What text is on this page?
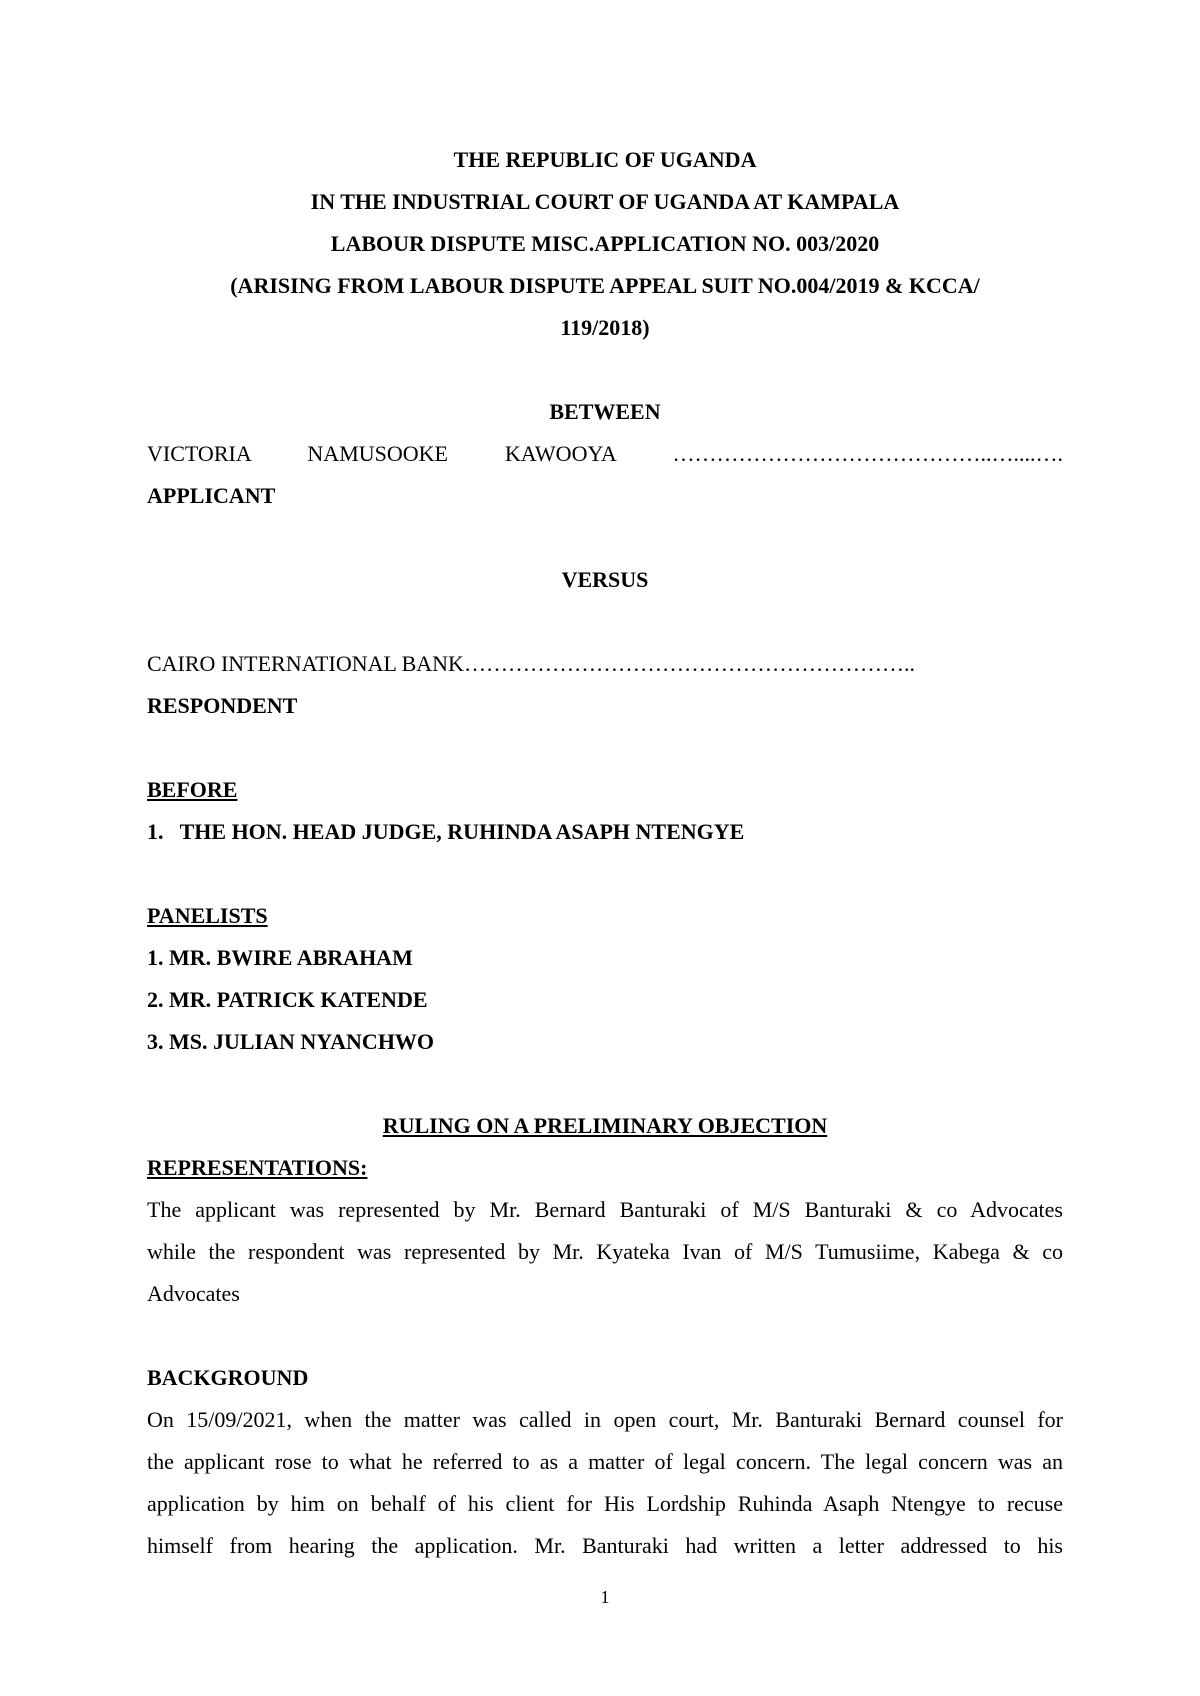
THE REPUBLIC OF UGANDA
IN THE INDUSTRIAL COURT OF UGANDA AT KAMPALA
LABOUR DISPUTE MISC.APPLICATION NO. 003/2020
(ARISING FROM LABOUR DISPUTE APPEAL SUIT NO.004/2019 & KCCA/
119/2018)
BETWEEN
VICTORIA	NAMUSOOKE	KAWOOYA	……………………………………..…....….
APPLICANT
VERSUS
CAIRO INTERNATIONAL BANK……………………………………………………..
RESPONDENT
BEFORE
1.   THE HON. HEAD JUDGE, RUHINDA ASAPH NTENGYE
PANELISTS
1. MR. BWIRE ABRAHAM
2. MR. PATRICK KATENDE
3. MS. JULIAN NYANCHWO
RULING ON A PRELIMINARY OBJECTION
REPRESENTATIONS:
The applicant was represented by Mr. Bernard Banturaki of M/S Banturaki & co Advocates
while the respondent was represented by Mr. Kyateka Ivan of M/S Tumusiime, Kabega & co
Advocates
BACKGROUND
On 15/09/2021, when the matter was called in open court, Mr. Banturaki Bernard counsel for
the applicant rose to what he referred to as a matter of legal concern. The legal concern was an
application by him on behalf of his client for His Lordship Ruhinda Asaph Ntengye to recuse
himself from hearing the application. Mr. Banturaki had written a letter addressed to his
1
